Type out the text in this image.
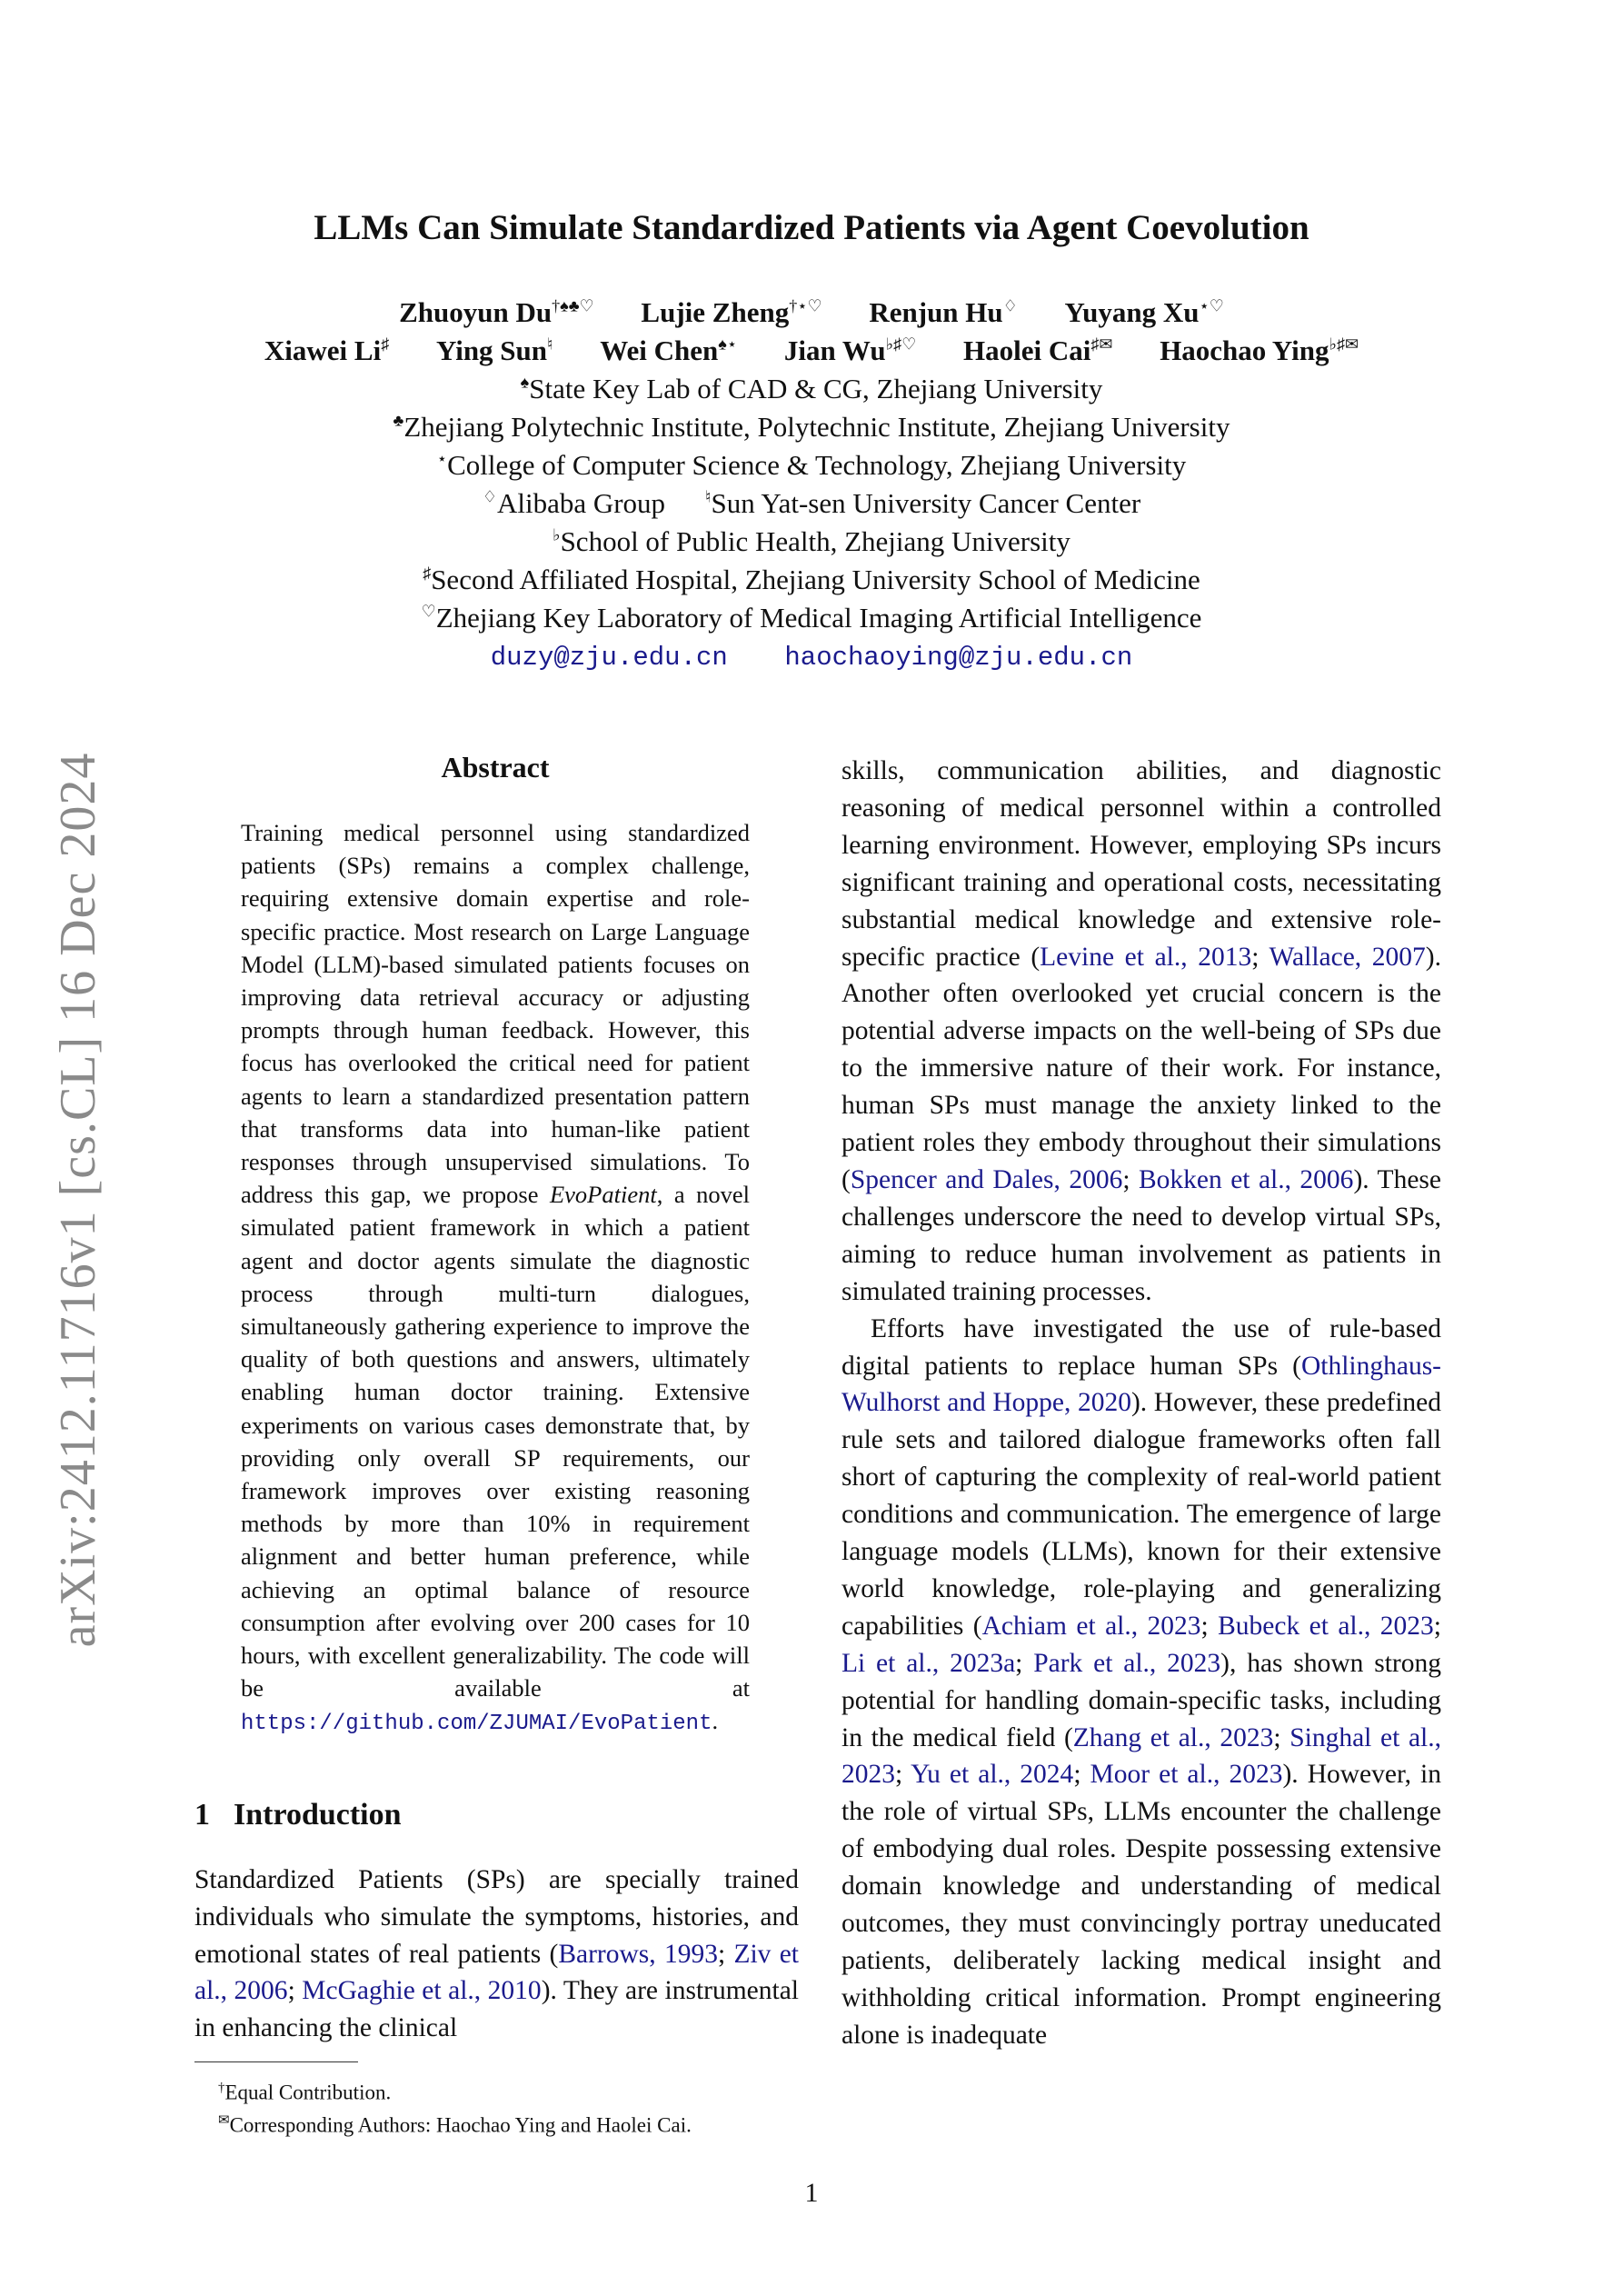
arXiv:2412.11716v1 [cs.CL] 16 Dec 2024
LLMs Can Simulate Standardized Patients via Agent Coevolution
Zhuoyun Du†♠♣♡ Lujie Zheng†⋆♡ Renjun Hu♢ Yuyang Xu⋆♡
Xiawei Li♯ Ying Sun♮ Wei Chen♠⋆ Jian Wu♭♯♡ Haolei Cai♯✉ Haochao Ying♭♯✉
♠State Key Lab of CAD & CG, Zhejiang University
♣Zhejiang Polytechnic Institute, Polytechnic Institute, Zhejiang University
⋆College of Computer Science & Technology, Zhejiang University
♢Alibaba Group ♮Sun Yat-sen University Cancer Center
♭School of Public Health, Zhejiang University
♯Second Affiliated Hospital, Zhejiang University School of Medicine
♡Zhejiang Key Laboratory of Medical Imaging Artificial Intelligence
duzy@zju.edu.cn haochaoying@zju.edu.cn
Abstract
Training medical personnel using standardized patients (SPs) remains a complex challenge, requiring extensive domain expertise and role-specific practice. Most research on Large Language Model (LLM)-based simulated patients focuses on improving data retrieval accuracy or adjusting prompts through human feedback. However, this focus has overlooked the critical need for patient agents to learn a standardized presentation pattern that transforms data into human-like patient responses through unsupervised simulations. To address this gap, we propose EvoPatient, a novel simulated patient framework in which a patient agent and doctor agents simulate the diagnostic process through multi-turn dialogues, simultaneously gathering experience to improve the quality of both questions and answers, ultimately enabling human doctor training. Extensive experiments on various cases demonstrate that, by providing only overall SP requirements, our framework improves over existing reasoning methods by more than 10% in requirement alignment and better human preference, while achieving an optimal balance of resource consumption after evolving over 200 cases for 10 hours, with excellent generalizability. The code will be available at https://github.com/ZJUMAI/EvoPatient.
1 Introduction
Standardized Patients (SPs) are specially trained individuals who simulate the symptoms, histories, and emotional states of real patients (Barrows, 1993; Ziv et al., 2006; McGaghie et al., 2010). They are instrumental in enhancing the clinical

skills, communication abilities, and diagnostic reasoning of medical personnel within a controlled learning environment. However, employing SPs incurs significant training and operational costs, necessitating substantial medical knowledge and extensive role-specific practice (Levine et al., 2013; Wallace, 2007). Another often overlooked yet crucial concern is the potential adverse impacts on the well-being of SPs due to the immersive nature of their work. For instance, human SPs must manage the anxiety linked to the patient roles they embody throughout their simulations (Spencer and Dales, 2006; Bokken et al., 2006). These challenges underscore the need to develop virtual SPs, aiming to reduce human involvement as patients in simulated training processes.

Efforts have investigated the use of rule-based digital patients to replace human SPs (Othlinghaus-Wulhorst and Hoppe, 2020). However, these predefined rule sets and tailored dialogue frameworks often fall short of capturing the complexity of real-world patient conditions and communication. The emergence of large language models (LLMs), known for their extensive world knowledge, role-playing and generalizing capabilities (Achiam et al., 2023; Bubeck et al., 2023; Li et al., 2023a; Park et al., 2023), has shown strong potential for handling domain-specific tasks, including in the medical field (Zhang et al., 2023; Singhal et al., 2023; Yu et al., 2024; Moor et al., 2023). However, in the role of virtual SPs, LLMs encounter the challenge of embodying dual roles. Despite possessing extensive domain knowledge and understanding of medical outcomes, they must convincingly portray uneducated patients, deliberately lacking medical insight and withholding critical information. Prompt engineering alone is inadequate

†Equal Contribution.
✉Corresponding Authors: Haochao Ying and Haolei Cai.
1
